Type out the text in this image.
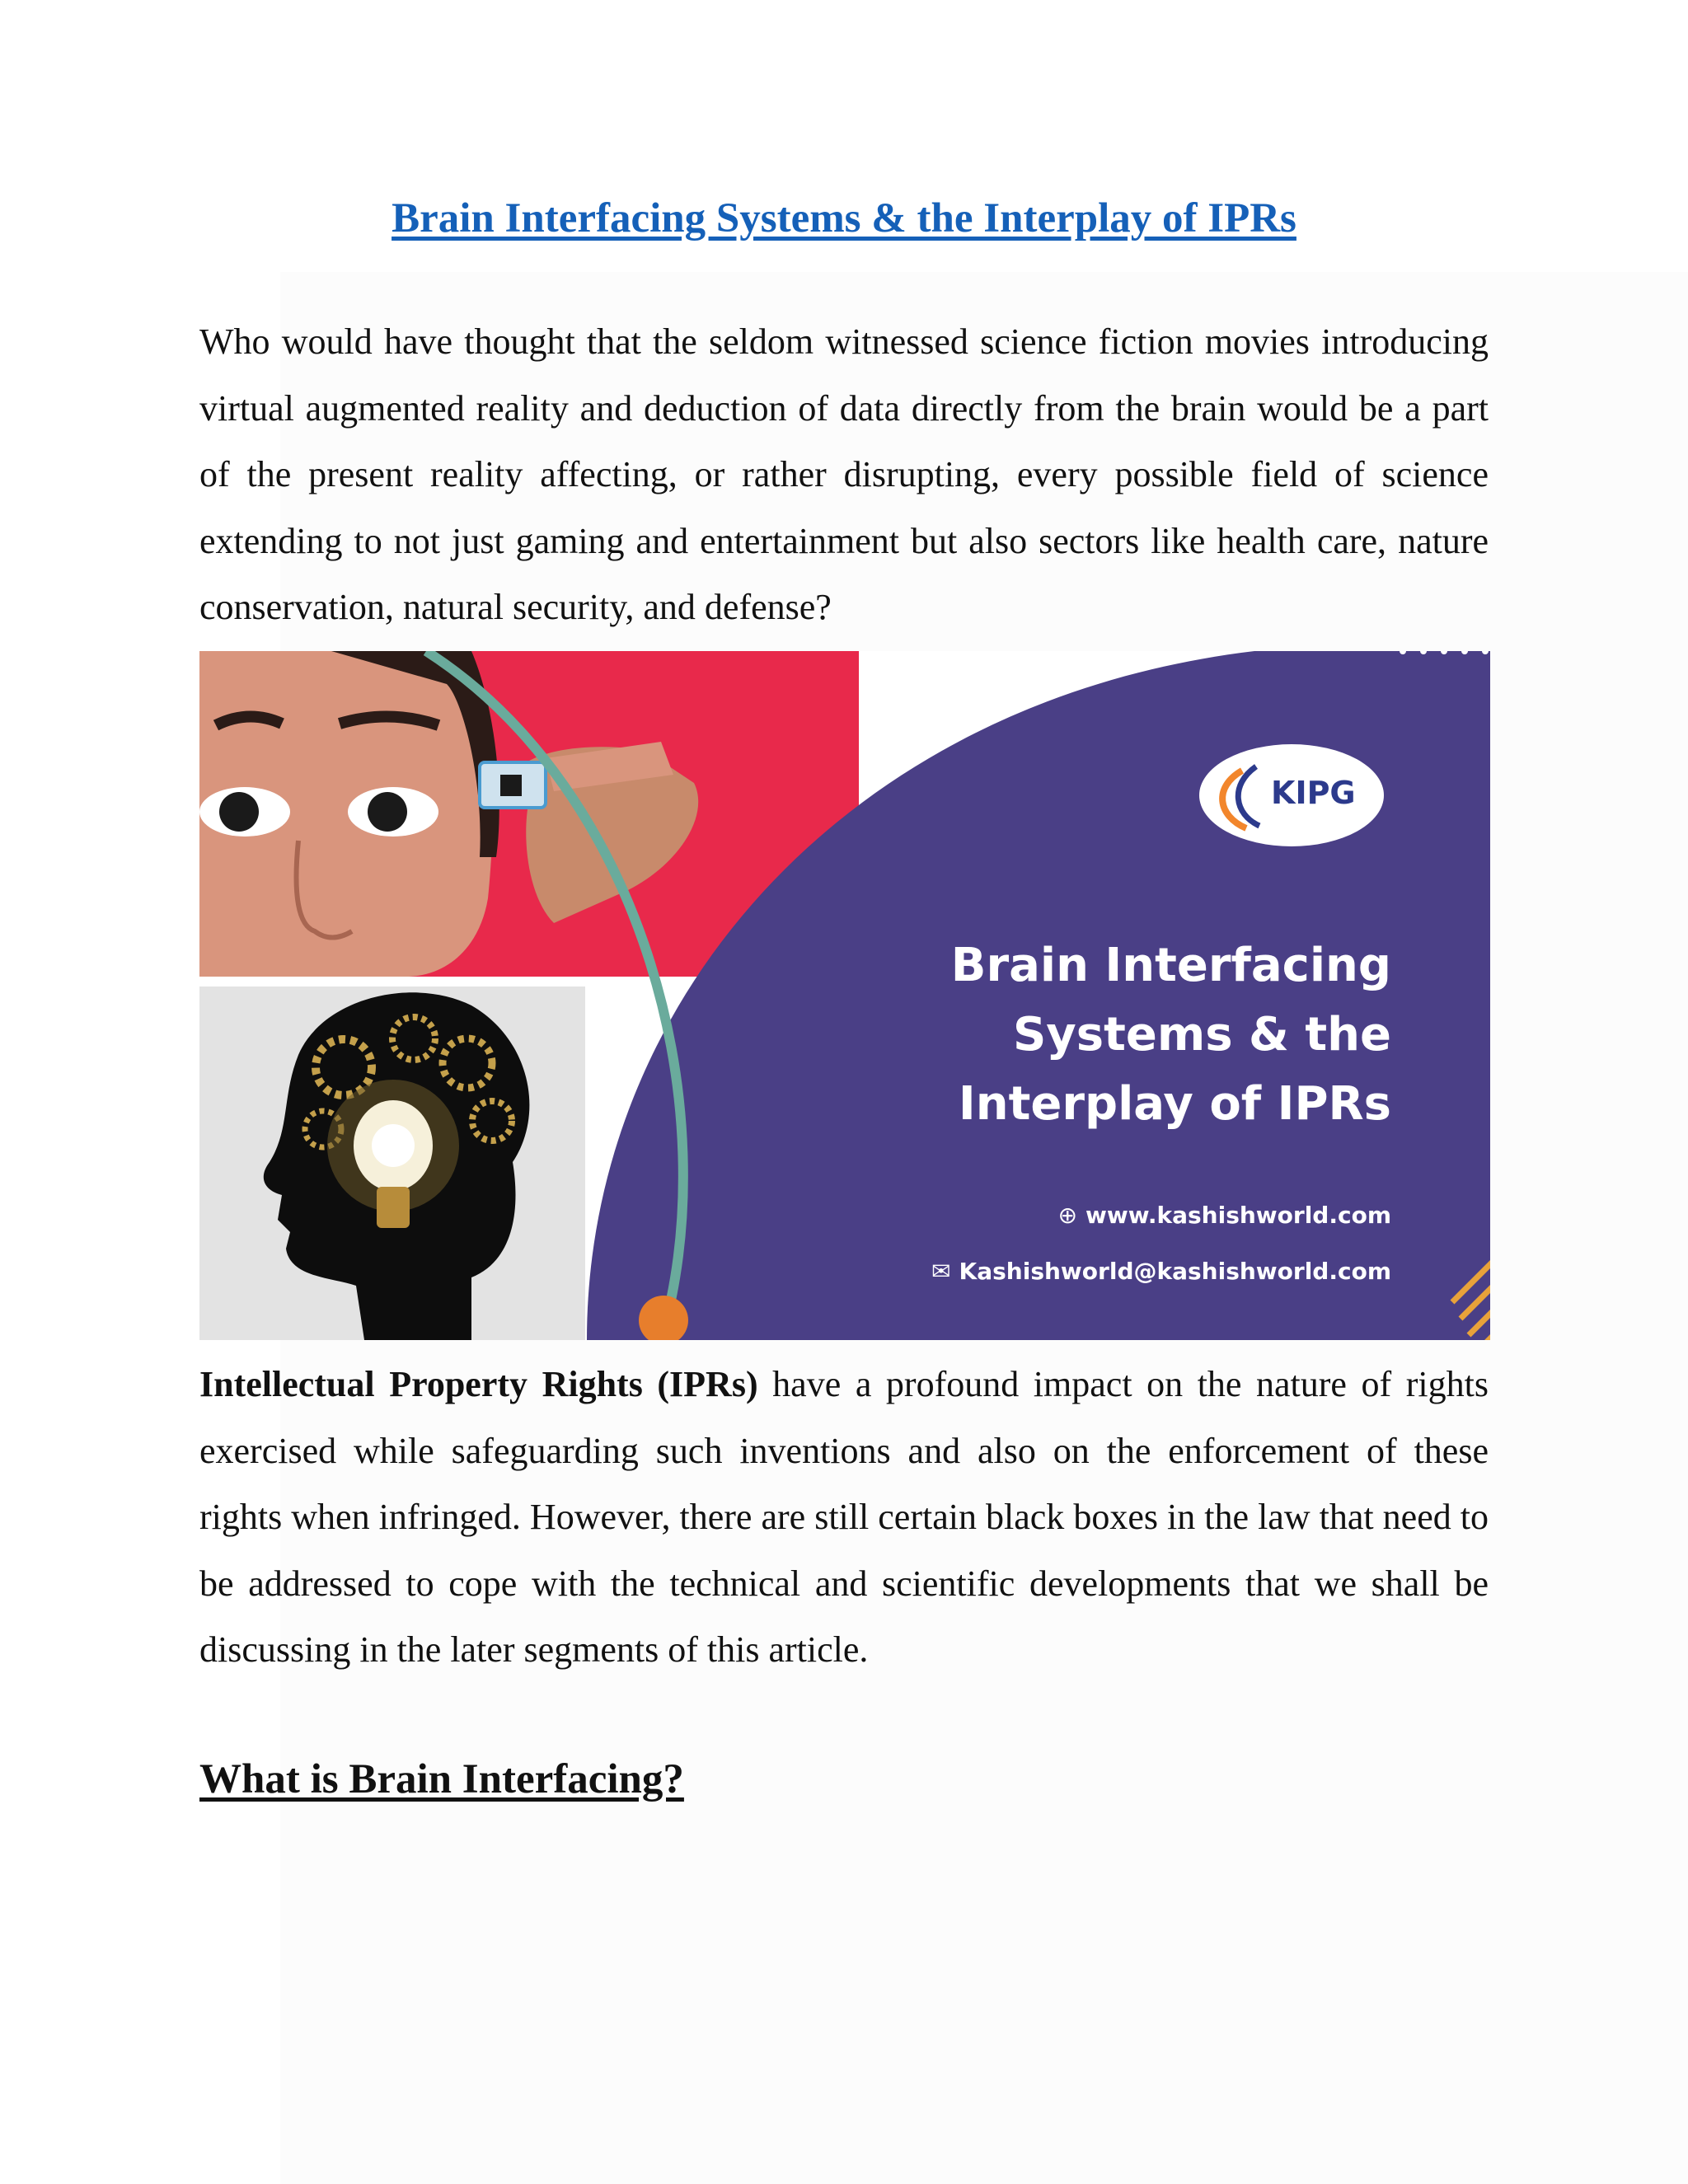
Brain Interfacing Systems & the Interplay of IPRs

Who would have thought that the seldom witnessed science fiction movies introducing virtual augmented reality and deduction of data directly from the brain would be a part of the present reality affecting, or rather disrupting, every possible field of science extending to not just gaming and entertainment but also sectors like health care, nature conservation, natural security, and defense?

KIPG
Brain Interfacing
Systems & the
Interplay of IPRs
⊕ www.kashishworld.com
✉ Kashishworld@kashishworld.com

Intellectual Property Rights (IPRs) have a profound impact on the nature of rights exercised while safeguarding such inventions and also on the enforcement of these rights when infringed. However, there are still certain black boxes in the law that need to be addressed to cope with the technical and scientific developments that we shall be discussing in the later segments of this article.

What is Brain Interfacing?
